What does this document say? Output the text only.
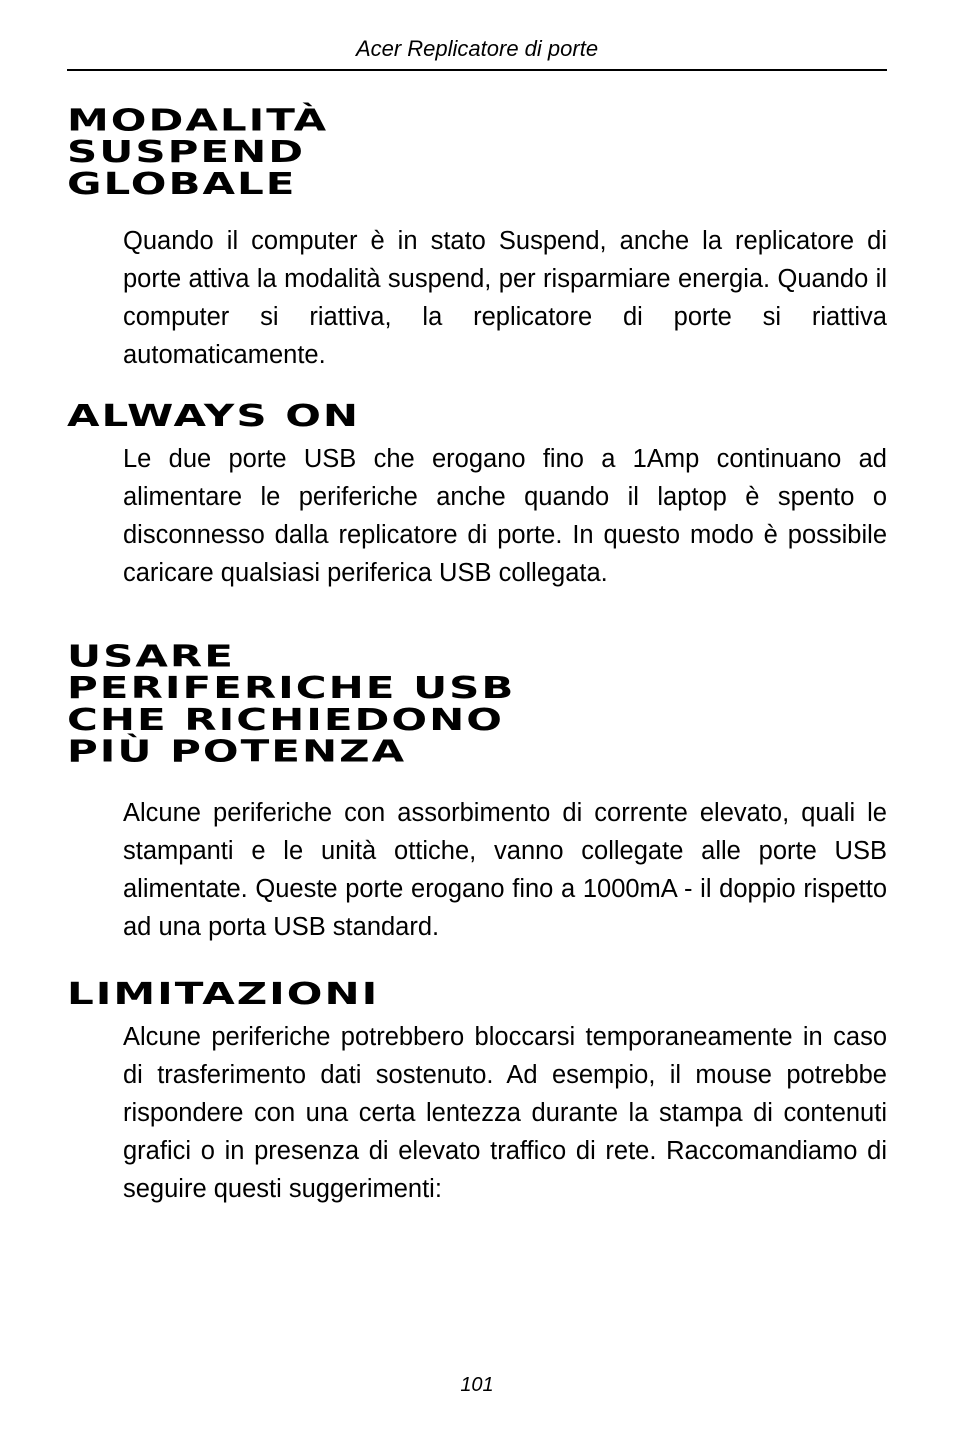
Acer Replicatore di porte
MODALITÀ
SUSPEND
GLOBALE

Quando il computer è in stato Suspend, anche la replicatore di porte attiva la modalità suspend, per risparmiare energia. Quando il computer si riattiva, la replicatore di porte si riattiva automaticamente.

ALWAYS ON

Le due porte USB che erogano fino a 1Amp continuano ad alimentare le periferiche anche quando il laptop è spento o disconnesso dalla replicatore di porte. In questo modo è possibile caricare qualsiasi periferica USB collegata.

USARE
PERIFERICHE USB
CHE RICHIEDONO
PIÙ POTENZA

Alcune periferiche con assorbimento di corrente elevato, quali le stampanti e le unità ottiche, vanno collegate alle porte USB alimentate. Queste porte erogano fino a 1000mA - il doppio rispetto ad una porta USB standard.

LIMITAZIONI

Alcune periferiche potrebbero bloccarsi temporaneamente in caso di trasferimento dati sostenuto. Ad esempio, il mouse potrebbe rispondere con una certa lentezza durante la stampa di contenuti grafici o in presenza di elevato traffico di rete. Raccomandiamo di seguire questi suggerimenti:

101
